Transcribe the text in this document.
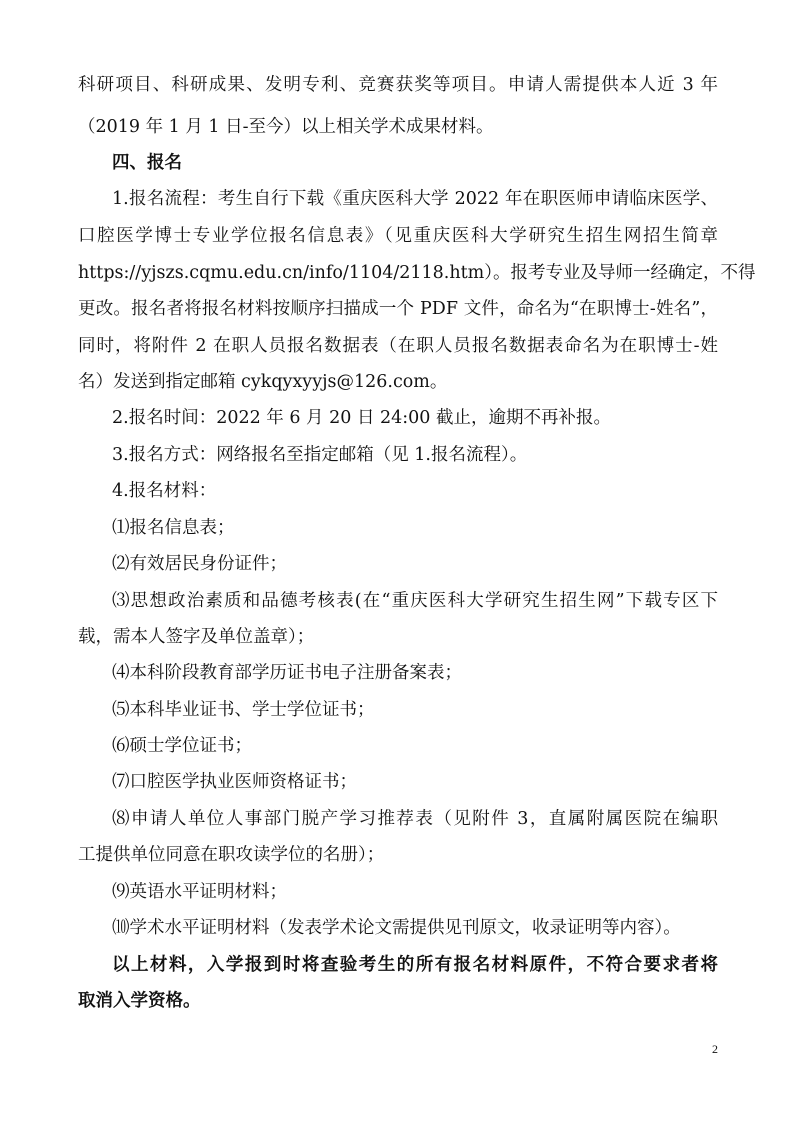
科研项目、科研成果、发明专利、竞赛获奖等项目。申请人需提供本人近 3 年
（2019 年 1 月 1 日-至今）以上相关学术成果材料。
四、报名
1.报名流程：考生自行下载《重庆医科大学 2022 年在职医师申请临床医学、
口腔医学博士专业学位报名信息表》（见重庆医科大学研究生招生网招生简章
https://yjszs.cqmu.edu.cn/info/1104/2118.htm）。报考专业及导师一经确定，不得
更改。报名者将报名材料按顺序扫描成一个 PDF 文件，命名为“在职博士-姓名”，
同时，将附件 2 在职人员报名数据表（在职人员报名数据表命名为在职博士-姓
名）发送到指定邮箱 cykqyxyyjs@126.com。
2.报名时间：2022 年 6 月 20 日 24:00 截止，逾期不再补报。
3.报名方式：网络报名至指定邮箱（见 1.报名流程）。
4.报名材料：
⑴报名信息表；
⑵有效居民身份证件；
⑶思想政治素质和品德考核表(在“重庆医科大学研究生招生网”下载专区下
载，需本人签字及单位盖章）；
⑷本科阶段教育部学历证书电子注册备案表；
⑸本科毕业证书、学士学位证书；
⑹硕士学位证书；
⑺口腔医学执业医师资格证书；
⑻申请人单位人事部门脱产学习推荐表（见附件 3，直属附属医院在编职
工提供单位同意在职攻读学位的名册）；
⑼英语水平证明材料；
⑽学术水平证明材料（发表学术论文需提供见刊原文，收录证明等内容）。
以上材料，入学报到时将查验考生的所有报名材料原件，不符合要求者将
取消入学资格。
2
